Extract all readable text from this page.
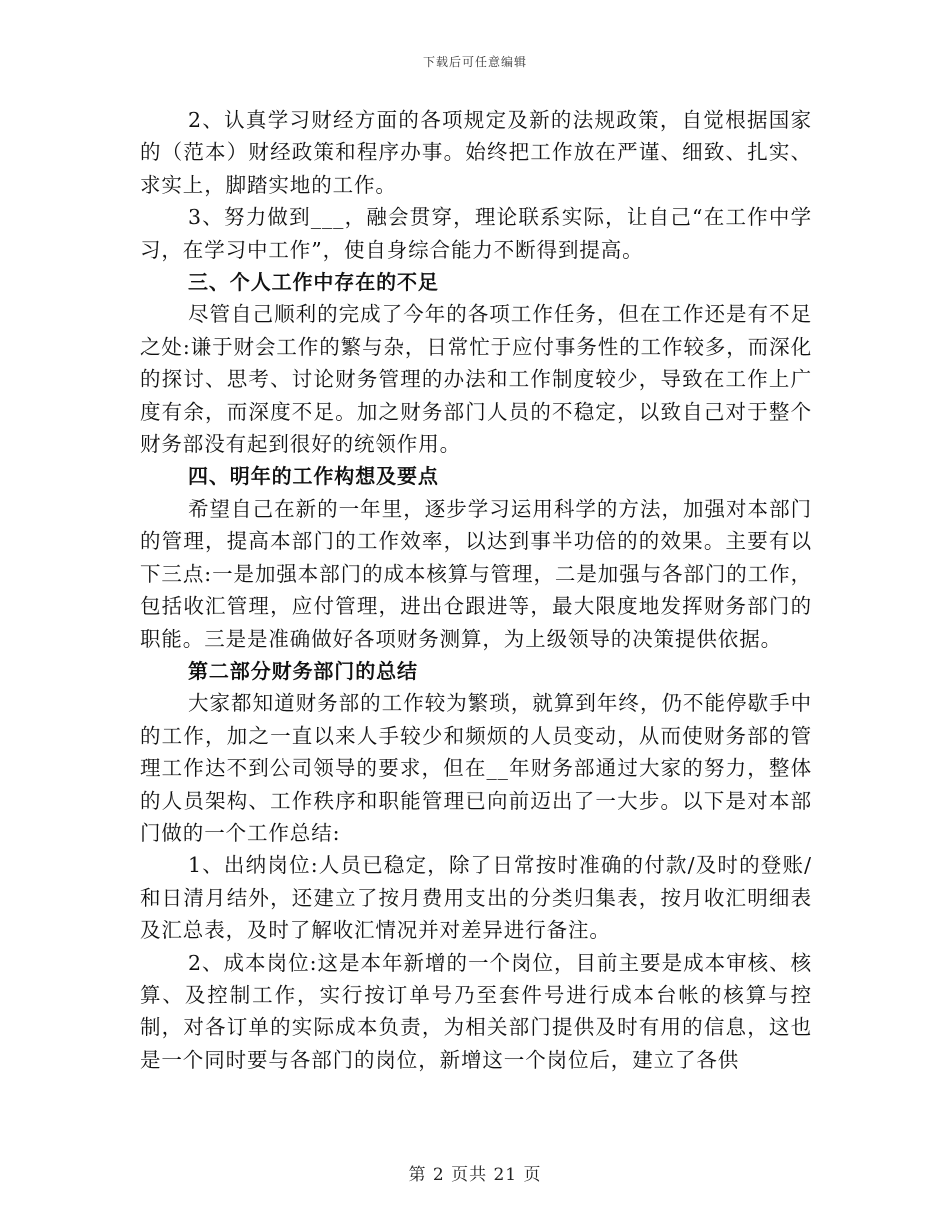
下载后可任意编辑

2、认真学习财经方面的各项规定及新的法规政策，自觉根据国家的（范本）财经政策和程序办事。始终把工作放在严谨、细致、扎实、求实上，脚踏实地的工作。

3、努力做到___，融会贯穿，理论联系实际，让自己“在工作中学习，在学习中工作”，使自身综合能力不断得到提高。

三、个人工作中存在的不足

尽管自己顺利的完成了今年的各项工作任务，但在工作还是有不足之处:谦于财会工作的繁与杂，日常忙于应付事务性的工作较多，而深化的探讨、思考、讨论财务管理的办法和工作制度较少，导致在工作上广度有余，而深度不足。加之财务部门人员的不稳定，以致自己对于整个财务部没有起到很好的统领作用。

四、明年的工作构想及要点

希望自己在新的一年里，逐步学习运用科学的方法，加强对本部门的管理，提高本部门的工作效率，以达到事半功倍的的效果。主要有以下三点:一是加强本部门的成本核算与管理，二是加强与各部门的工作，包括收汇管理，应付管理，进出仓跟进等，最大限度地发挥财务部门的职能。三是是准确做好各项财务测算，为上级领导的决策提供依据。

第二部分财务部门的总结

大家都知道财务部的工作较为繁琐，就算到年终，仍不能停歇手中的工作，加之一直以来人手较少和频烦的人员变动，从而使财务部的管理工作达不到公司领导的要求，但在__年财务部通过大家的努力，整体的人员架构、工作秩序和职能管理已向前迈出了一大步。以下是对本部门做的一个工作总结:

1、出纳岗位:人员已稳定，除了日常按时准确的付款/及时的登账/和日清月结外，还建立了按月费用支出的分类归集表，按月收汇明细表及汇总表，及时了解收汇情况并对差异进行备注。

2、成本岗位:这是本年新增的一个岗位，目前主要是成本审核、核算、及控制工作，实行按订单号乃至套件号进行成本台帐的核算与控制，对各订单的实际成本负责，为相关部门提供及时有用的信息，这也是一个同时要与各部门的岗位，新增这一个岗位后，建立了各供

第 2 页共 21 页
